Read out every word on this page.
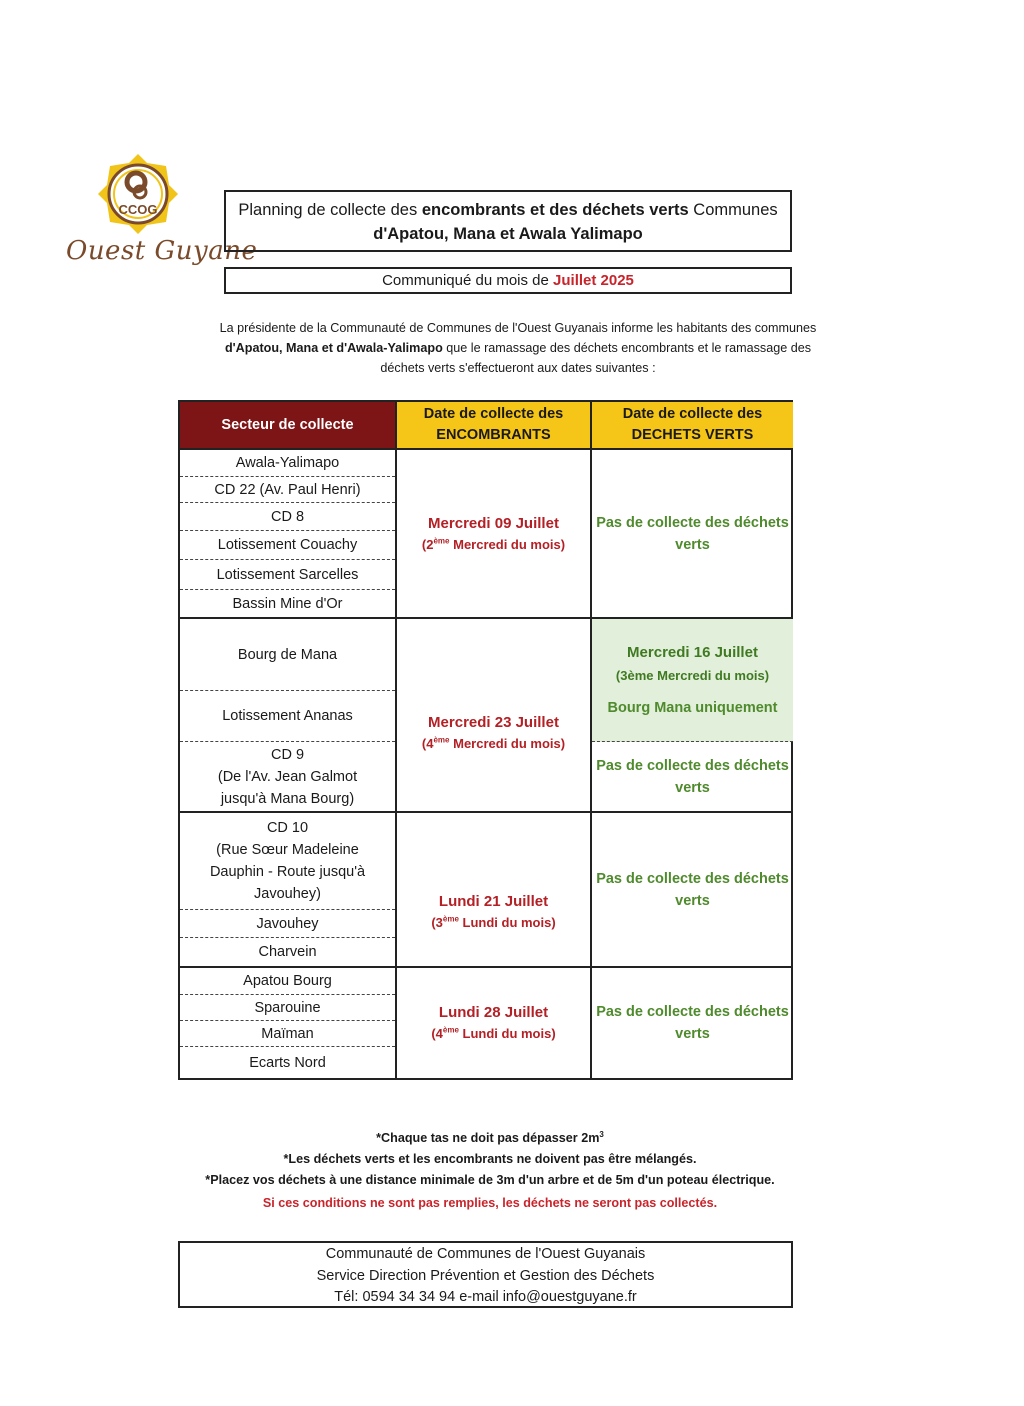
CCOG
Ouest Guyane
Planning de collecte des encombrants et des déchets verts Communes
d'Apatou, Mana et Awala Yalimapo
Communiqué du mois de Juillet 2025
La présidente de la Communauté de Communes de l'Ouest Guyanais informe les habitants des communes
d'Apatou, Mana et d'Awala-Yalimapo que le ramassage des déchets encombrants et le ramassage des
déchets verts s'effectueront aux dates suivantes :
Secteur de collecte
Awala-Yalimapo
CD 22 (Av. Paul Henri)
CD 8
Lotissement Couachy
Lotissement Sarcelles
Bassin Mine d'Or
Bourg de Mana
Lotissement Ananas
CD 9
(De l'Av. Jean Galmot
jusqu'à Mana Bourg)
CD 10
(Rue Sœur Madeleine
Dauphin - Route jusqu'à
Javouhey)
Javouhey
Charvein
Apatou Bourg
Sparouine
Maïman
Ecarts Nord
Date de collecte des
ENCOMBRANTS
Mercredi 09 Juillet
(2ème Mercredi du mois)
Mercredi 23 Juillet
(4ème Mercredi du mois)
Lundi 21 Juillet
(3ème Lundi du mois)
Lundi 28 Juillet
(4ème Lundi du mois)
Date de collecte des
DECHETS VERTS
Pas de collecte des déchets
verts
Mercredi 16 Juillet
(3ème Mercredi du mois)
Bourg Mana uniquement
Pas de collecte des déchets
verts
Pas de collecte des déchets
verts
Pas de collecte des déchets
verts
*Chaque tas ne doit pas dépasser $2m^3$
*Les déchets verts et les encombrants ne doivent pas être mélangés.
*Placez vos déchets à une distance minimale de 3m d'un arbre et de 5m d'un poteau électrique.
Si ces conditions ne sont pas remplies, les déchets ne seront pas collectés.
Communauté de Communes de l'Ouest Guyanais
Service Direction Prévention et Gestion des Déchets
Tél: 0594 34 34 94 e-mail info@ouestguyane.fr
